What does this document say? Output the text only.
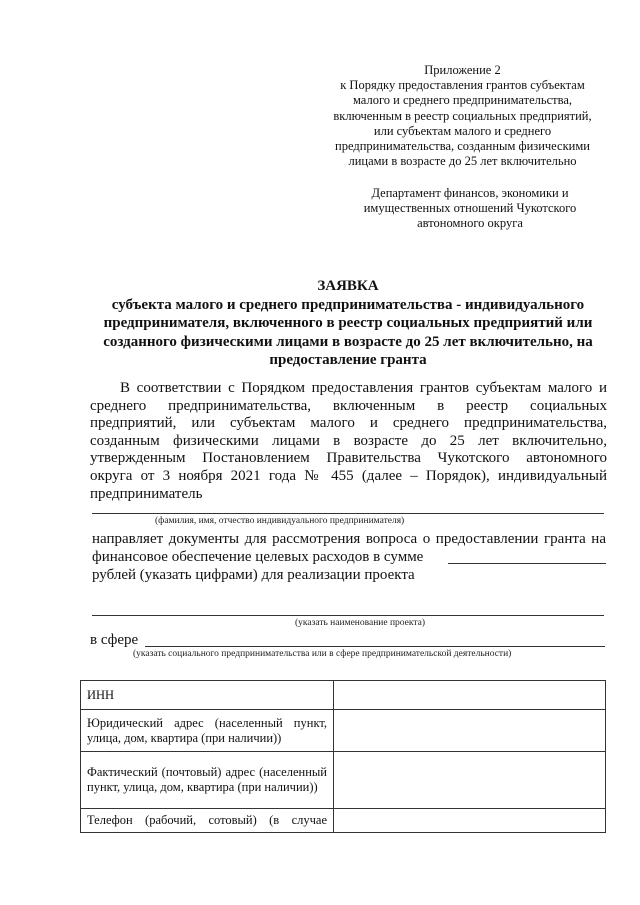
Приложение 2
к Порядку предоставления грантов субъектам
малого и среднего предпринимательства,
включенным в реестр социальных предприятий,
или субъектам малого и среднего
предпринимательства, созданным физическими
лицами в возрасте до 25 лет включительно
Департамент финансов, экономики и
имущественных отношений Чукотского
автономного округа
ЗАЯВКА
субъекта малого и среднего предпринимательства - индивидуального
предпринимателя, включенного в реестр социальных предприятий или
созданного физическими лицами в возрасте до 25 лет включительно, на
предоставление гранта
В соответствии с Порядком предоставления грантов субъектам малого и
среднего предпринимательства, включенным в реестр социальных
предприятий, или субъектам малого и среднего предпринимательства,
созданным физическими лицами в возрасте до 25 лет включительно,
утвержденным Постановлением Правительства Чукотского автономного
округа от 3 ноября 2021 года № 455 (далее – Порядок), индивидуальный
предприниматель
(фамилия, имя, отчество индивидуального предпринимателя)
направляет документы для рассмотрения вопроса о предоставлении гранта на
финансовое обеспечение целевых расходов в сумме
рублей (указать цифрами) для реализации проекта
(указать наименование проекта)
в сфере
(указать социального предпринимательства или в сфере предпринимательской деятельности)
ИНН	
Юридический адрес (населенный пункт, улица, дом, квартира (при наличии))	
Фактический (почтовый) адрес (населенный пункт, улица, дом, квартира (при наличии))	
Телефон (рабочий, сотовый) (в случае	
